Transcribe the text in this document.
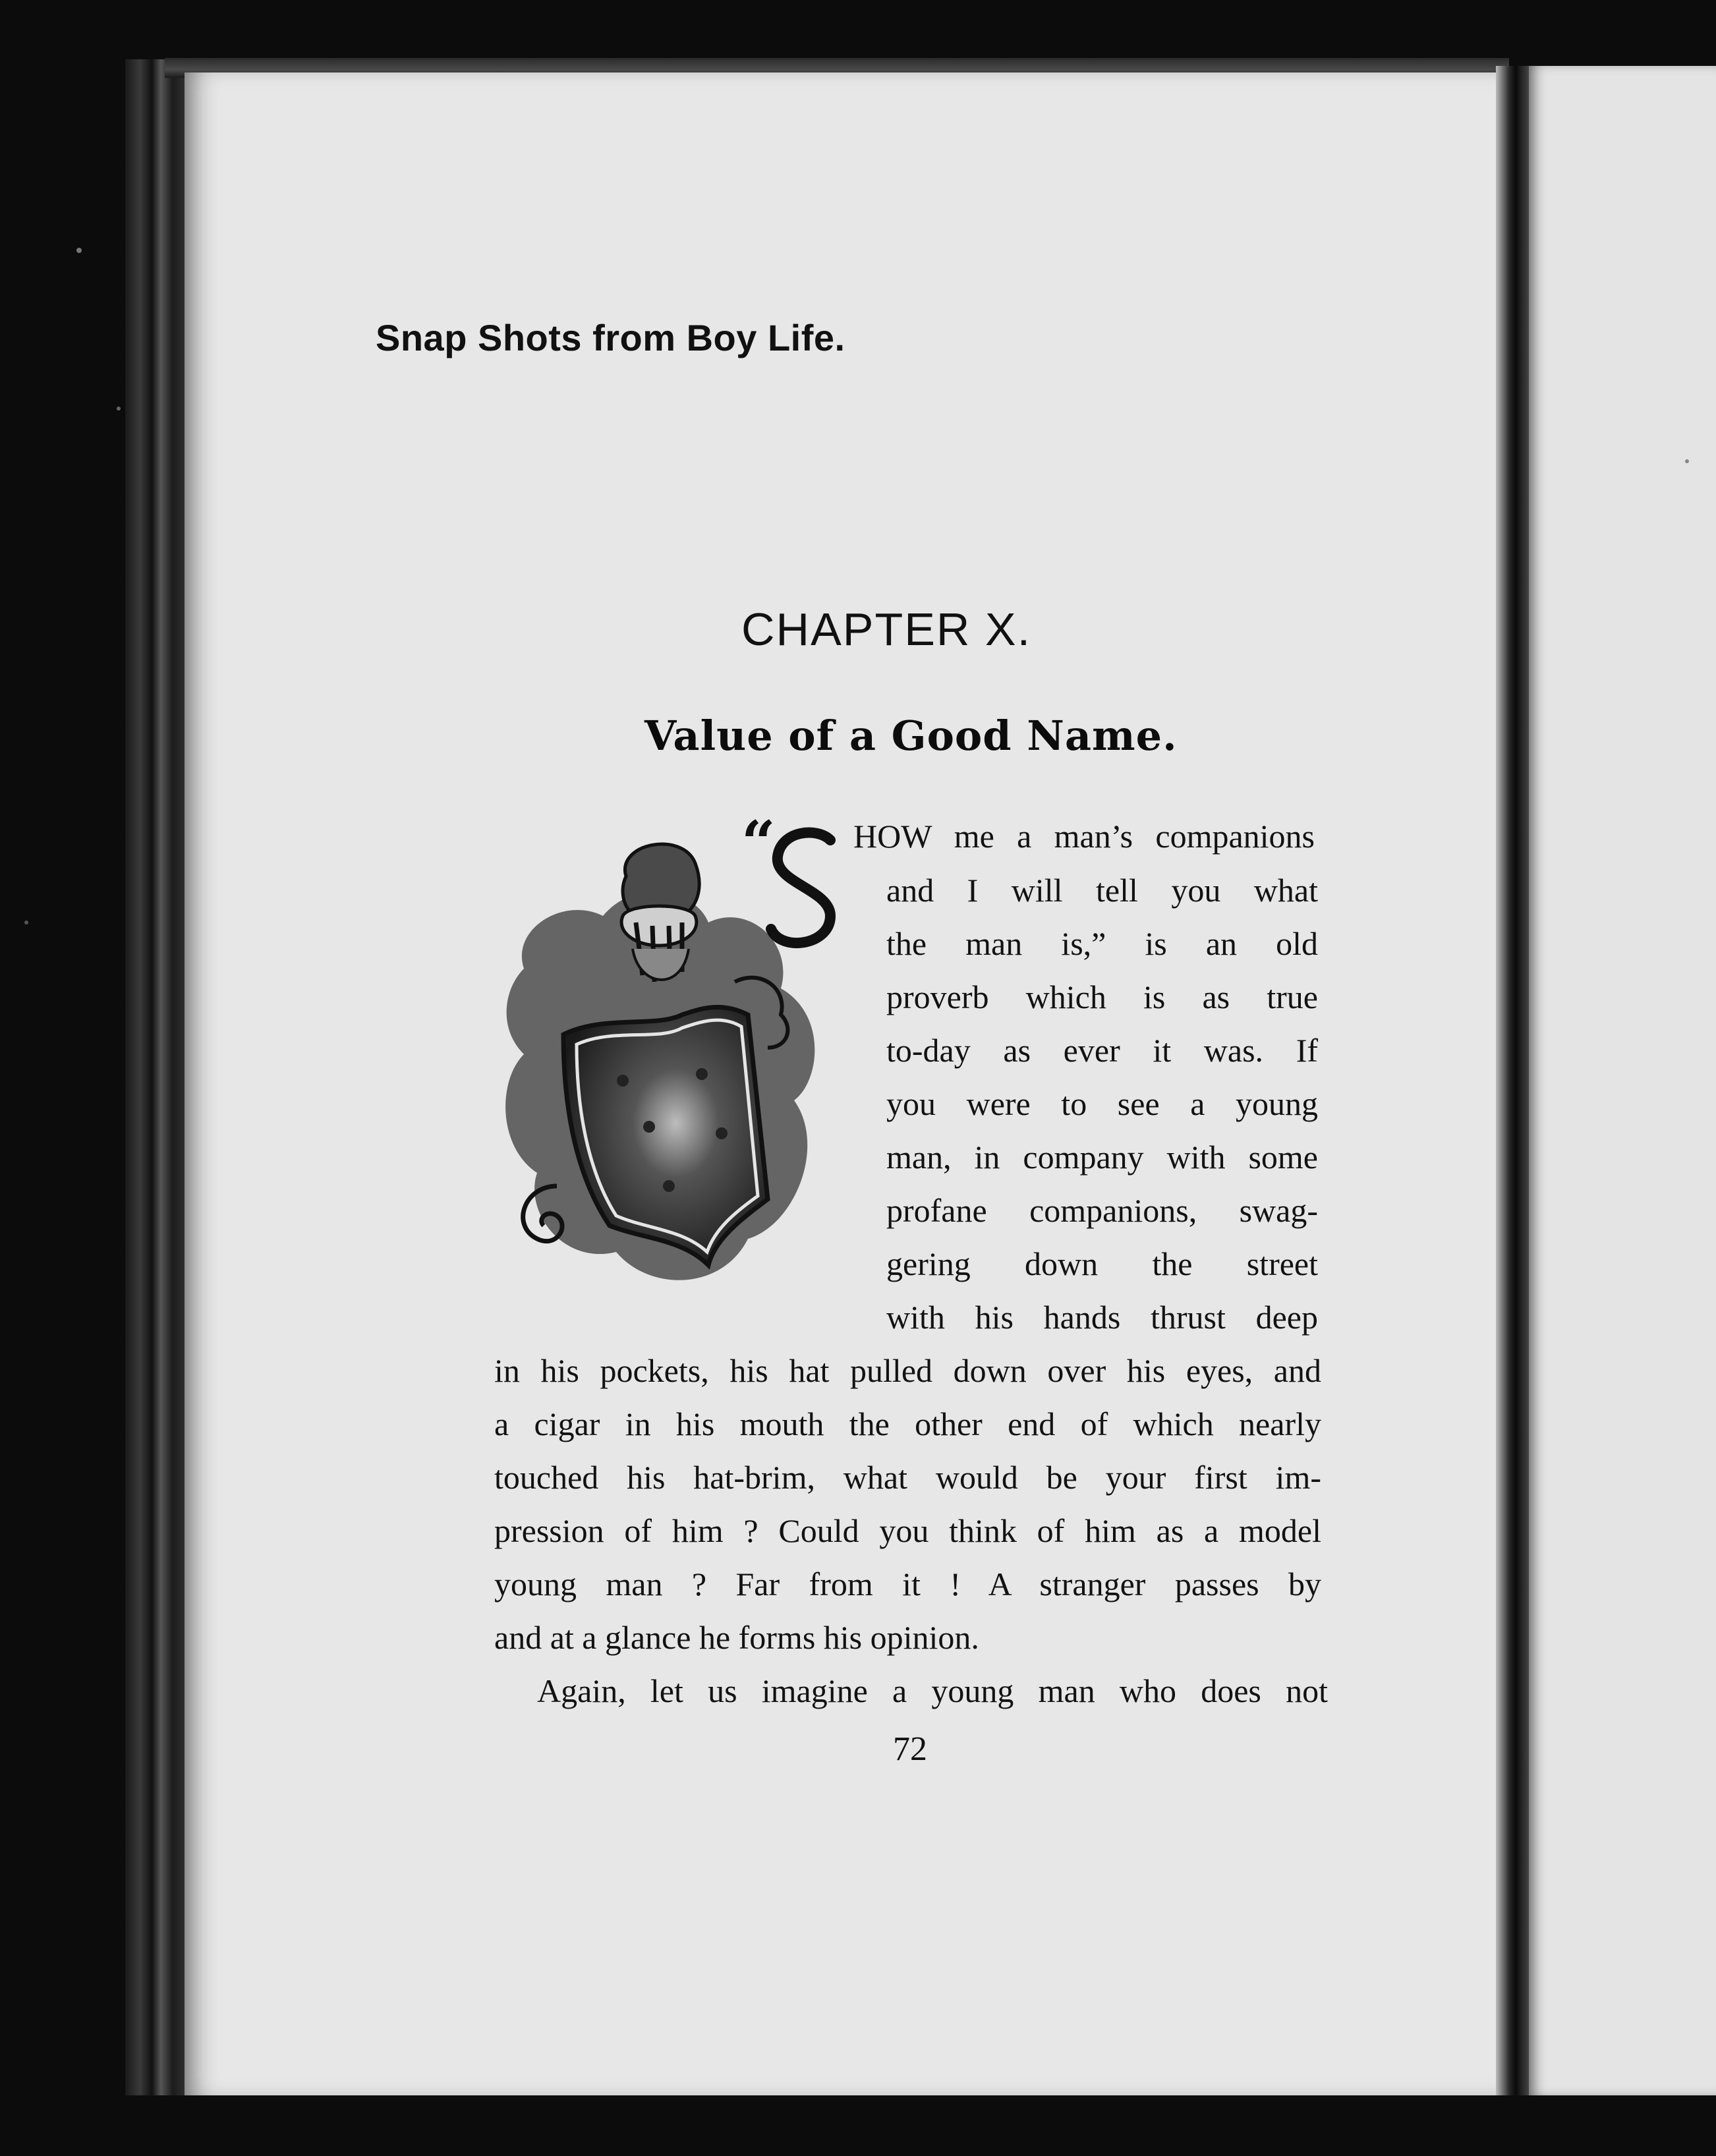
Snap Shots from Boy Life.
CHAPTER X.
Value of a Good Name.
“
S
HOW me a man’s companions
and I will tell you what
the man is,” is an old
proverb which is as true
to-day as ever it was. If
you were to see a young
man, in company with some
profane companions, swag-
gering down the street
with his hands thrust deep
in his pockets, his hat pulled down over his eyes, and
a cigar in his mouth the other end of which nearly
touched his hat-brim, what would be your first im-
pression of him ? Could you think of him as a model
young man ? Far from it ! A stranger passes by
and at a glance he forms his opinion.
Again, let us imagine a young man who does not
72
